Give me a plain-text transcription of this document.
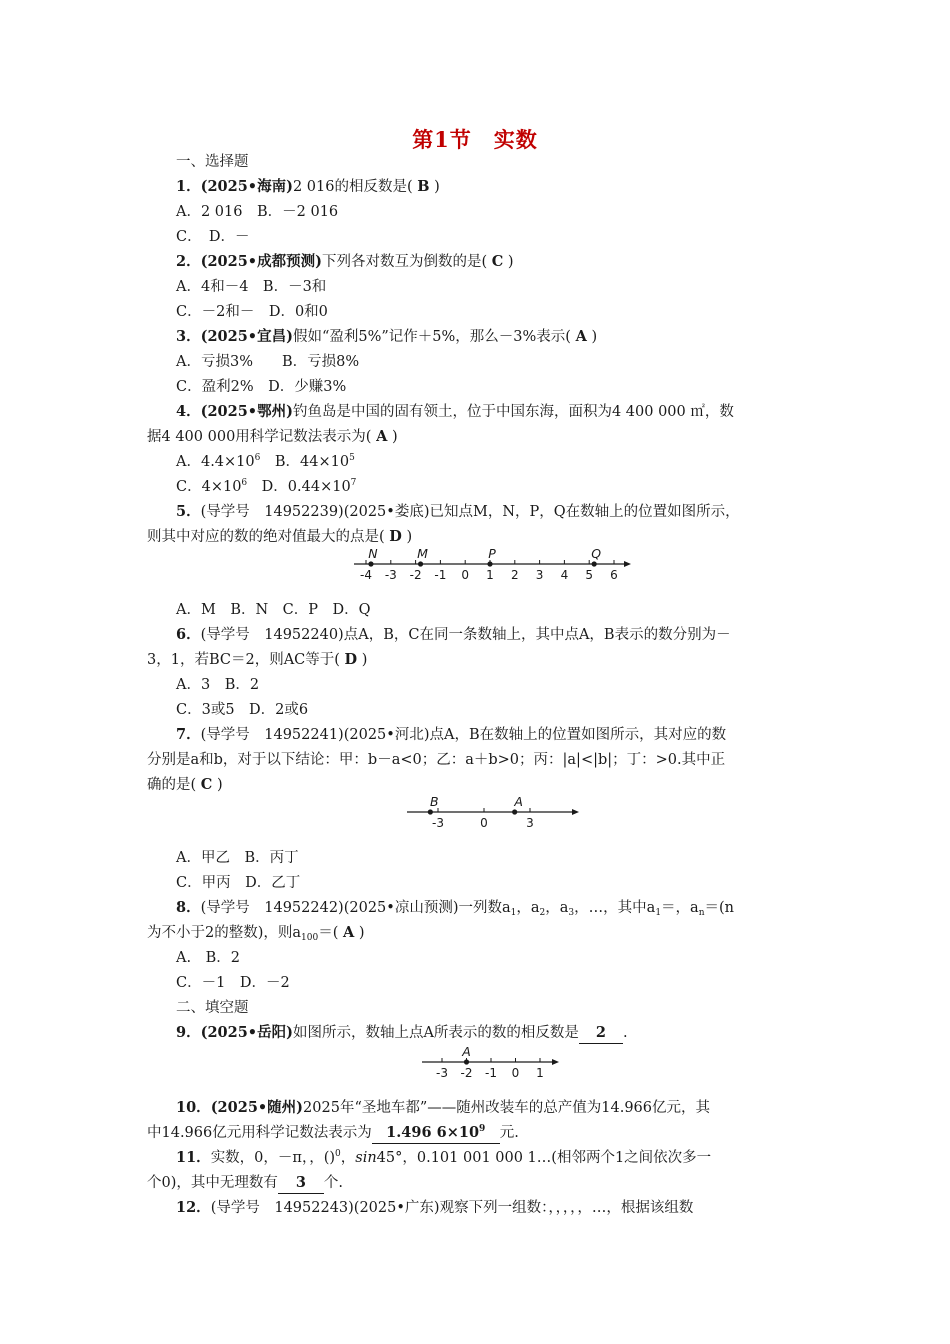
第1节　实数
一、选择题
1．(2025•海南)2 016的相反数是( B )
A．2 016　B．－2 016
C．　D．－
2．(2025•成都预测)下列各对数互为倒数的是( C )
A．4和－4　B．－3和
C．－2和－　D．0和0
3．(2025•宜昌)假如“盈利5%”记作＋5%，那么－3%表示( A )
A．亏损3%　　B．亏损8%
C．盈利2%　D．少赚3%
4．(2025•鄂州)钓鱼岛是中国的固有领土，位于中国东海，面积为4 400 000 ㎡，数
据4 400 000用科学记数法表示为( A )
A．$4.4\times 10^6$　B．$44\times 10^5$
C．$4\times 10^6$　D．$0.44\times 10^7$
5．(导学号　14952239)(2025•娄底)已知点M，N，P，Q在数轴上的位置如图所示，
则其中对应的数的绝对值最大的点是( D )
-4 -3 -2 -1 0 1 2 3 4 5 6
N	M	P	Q
A．M　B．N　C．P　D．Q
6．(导学号　14952240)点A，B，C在同一条数轴上，其中点A，B表示的数分别为－
3，1，若BC＝2，则AC等于( D )
A．3　B．2
C．3或5　D．2或6
7．(导学号　14952241)(2025•河北)点A，B在数轴上的位置如图所示，其对应的数
分别是a和b，对于以下结论：甲：b－a<0；乙：a＋b>0；丙：|a|<|b|；丁：>0.其中正
确的是( C )
-3	0	3
B	A
A．甲乙　B．丙丁
C．甲丙　D．乙丁
8．(导学号　14952242)(2025•凉山预测)一列数$a_1$，$a_2$，$a_3$，…，其中$a_1=$，$a_n=(n$
为不小于2的整数)，则$a_{100}=$( A )
A.　B．2
C．－1　D．－2
二、填空题
9．(2025•岳阳)如图所示，数轴上点A所表示的数的相反数是 2 .
-3 -2 -1 0 1
A
10．(2025•随州)2025年“圣地车都”——随州改装车的总产值为14.966亿元，其
中14.966亿元用科学记数法表示为 1.496 $6\times 10^9$ 元.
11．实数，0，－π，，()$^0$，sin45°，0.101 001 000 1…(相邻两个1之间依次多一
个0)，其中无理数有 3 个.
12．(导学号　14952243)(2025•广东)观察下列一组数：，，，，，…，根据该组数
